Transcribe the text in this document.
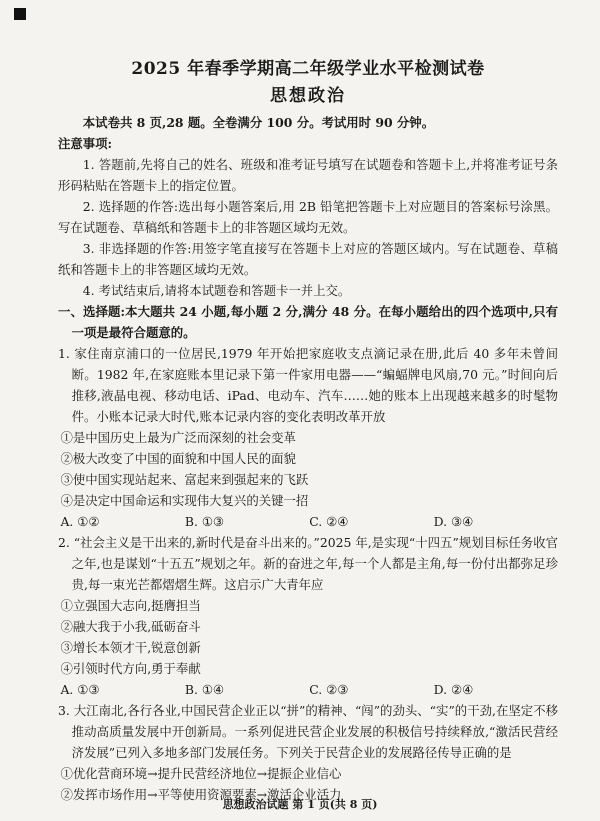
2025 年春季学期高二年级学业水平检测试卷

思想政治

本试卷共 8 页,28 题。全卷满分 100 分。考试用时 90 分钟。

注意事项:

1. 答题前,先将自己的姓名、班级和准考证号填写在试题卷和答题卡上,并将准考证号条形码粘贴在答题卡上的指定位置。

2. 选择题的作答:选出每小题答案后,用 2B 铅笔把答题卡上对应题目的答案标号涂黑。写在试题卷、草稿纸和答题卡上的非答题区域均无效。

3. 非选择题的作答:用签字笔直接写在答题卡上对应的答题区域内。写在试题卷、草稿纸和答题卡上的非答题区域均无效。

4. 考试结束后,请将本试题卷和答题卡一并上交。

一、选择题:本大题共 24 小题,每小题 2 分,满分 48 分。在每小题给出的四个选项中,只有一项是最符合题意的。

1. 家住南京浦口的一位居民,1979 年开始把家庭收支点滴记录在册,此后 40 多年未曾间断。1982 年,在家庭账本里记录下第一件家用电器——“蝙蝠牌电风扇,70 元。”时间向后推移,液晶电视、移动电话、iPad、电动车、汽车……她的账本上出现越来越多的时髦物件。小账本记录大时代,账本记录内容的变化表明改革开放

①是中国历史上最为广泛而深刻的社会变革

②极大改变了中国的面貌和中国人民的面貌

③使中国实现站起来、富起来到强起来的飞跃

④是决定中国命运和实现伟大复兴的关键一招

A. ①②	B. ①③	C. ②④	D. ③④

2. “社会主义是干出来的,新时代是奋斗出来的。”2025 年,是实现“十四五”规划目标任务收官之年,也是谋划“十五五”规划之年。新的奋进之年,每一个人都是主角,每一份付出都弥足珍贵,每一束光芒都熠熠生辉。这启示广大青年应

①立强国大志向,挺膺担当

②融大我于小我,砥砺奋斗

③增长本领才干,锐意创新

④引领时代方向,勇于奉献

A. ①③	B. ①④	C. ②③	D. ②④

3. 大江南北,各行各业,中国民营企业正以“拼”的精神、“闯”的劲头、“实”的干劲,在坚定不移推动高质量发展中开创新局。一系列促进民营企业发展的积极信号持续释放,“激活民营经济发展”已列入多地多部门发展任务。下列关于民营企业的发展路径传导正确的是

①优化营商环境→提升民营经济地位→提振企业信心

②发挥市场作用→平等使用资源要素→激活企业活力

思想政治试题 第 1 页(共 8 页)
